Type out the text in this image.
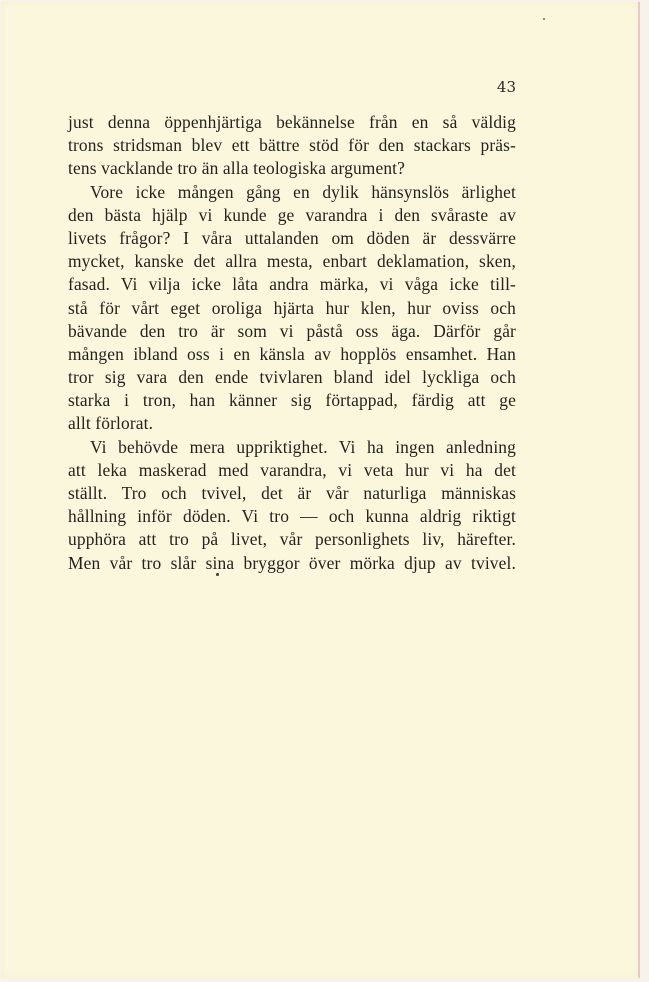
43
just denna öppenhjärtiga bekännelse från en så väldig
trons stridsman blev ett bättre stöd för den stackars präs-
tens vacklande tro än alla teologiska argument?
Vore icke mången gång en dylik hänsynslös ärlighet
den bästa hjälp vi kunde ge varandra i den svåraste av
livets frågor? I våra uttalanden om döden är dessvärre
mycket, kanske det allra mesta, enbart deklamation, sken,
fasad. Vi vilja icke låta andra märka, vi våga icke till-
stå för vårt eget oroliga hjärta hur klen, hur oviss och
bävande den tro är som vi påstå oss äga. Därför går
mången ibland oss i en känsla av hopplös ensamhet. Han
tror sig vara den ende tvivlaren bland idel lyckliga och
starka i tron, han känner sig förtappad, färdig att ge
allt förlorat.
Vi behövde mera uppriktighet. Vi ha ingen anledning
att leka maskerad med varandra, vi veta hur vi ha det
ställt. Tro och tvivel, det är vår naturliga människas
hållning inför döden. Vi tro — och kunna aldrig riktigt
upphöra att tro på livet, vår personlighets liv, härefter.
Men vår tro slår sina bryggor över mörka djup av tvivel.
